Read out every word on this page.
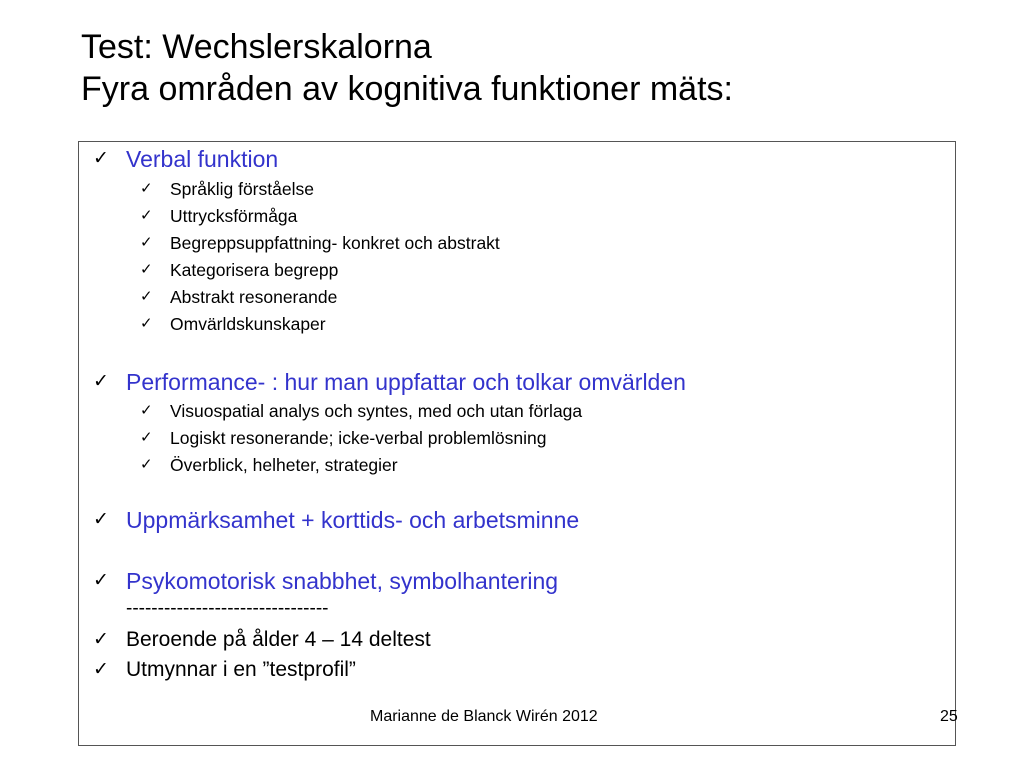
Test: Wechslerskalorna
Fyra områden av kognitiva funktioner mäts:
✓ Verbal funktion
✓ Språklig förståelse
✓ Uttrycksförmåga
✓ Begreppsuppfattning- konkret och abstrakt
✓ Kategorisera begrepp
✓ Abstrakt resonerande
✓ Omvärldskunskaper
✓ Performance- : hur man uppfattar och tolkar omvärlden
✓ Visuospatial analys och syntes, med och utan förlaga
✓ Logiskt resonerande; icke-verbal problemlösning
✓ Överblick, helheter, strategier
✓ Uppmärksamhet + korttids- och arbetsminne
✓ Psykomotorisk snabbhet, symbolhantering
--------------------------------
✓ Beroende på ålder 4 – 14 deltest
✓ Utmynnar i en ”testprofil”
Marianne de Blanck Wirén 2012	25
